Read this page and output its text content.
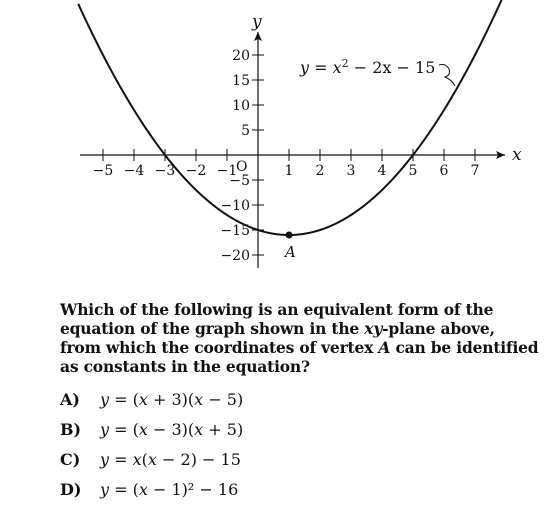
x
y
O
−5 −4 −3 −2 −1	1 2 3 4 5 6 7
20
15
10
5
−5
−10
−15
−20 A
$y = x^2 - 2x - 15$

Which of the following is an equivalent form of the equation of the graph shown in the xy-plane above, from which the coordinates of vertex A can be identified as constants in the equation?

A) y = (x + 3)(x − 5)
B) y = (x − 3)(x + 5)
C) y = x(x − 2) − 15
D) y = (x − 1)² − 16
